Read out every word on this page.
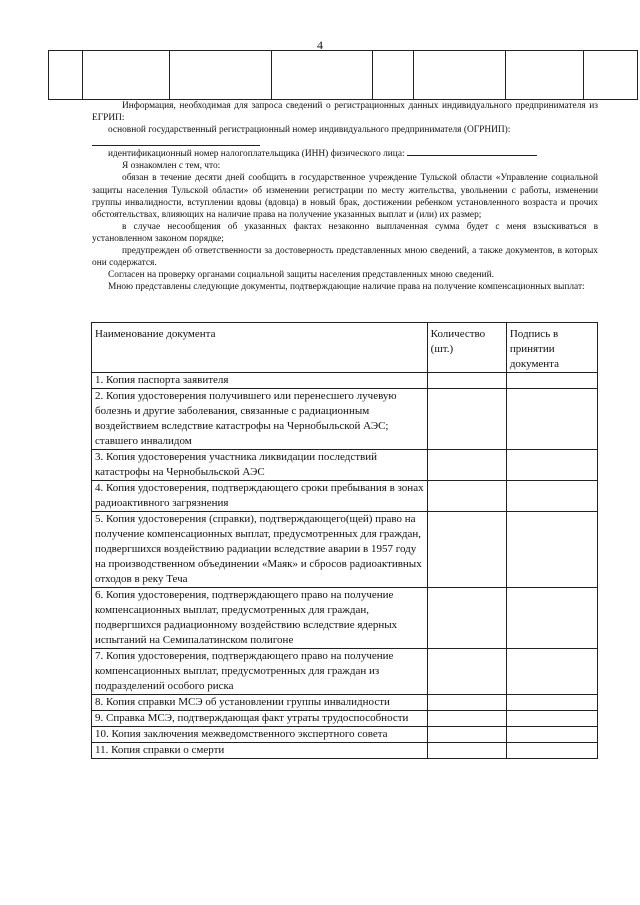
4

Информация, необходимая для запроса сведений о регистрационных данных индивидуального предпринимателя из ЕГРИП:

основной государственный регистрационный номер индивидуального предпринимателя (ОГРНИП):

идентификационный номер налогоплательщика (ИНН) физического лица:

Я ознакомлен с тем, что:

обязан в течение десяти дней сообщить в государственное учреждение Тульской области «Управление социальной защиты населения Тульской области» об изменении регистрации по месту жительства, увольнении с работы, изменении группы инвалидности, вступлении вдовы (вдовца) в новый брак, достижении ребенком установленного возраста и прочих обстоятельствах, влияющих на наличие права на получение указанных выплат и (или) их размер;

в случае несообщения об указанных фактах незаконно выплаченная сумма будет с меня взыскиваться в установленном законом порядке;

предупрежден об ответственности за достоверность представленных мною сведений, а также документов, в которых они содержатся.

Согласен на проверку органами социальной защиты населения представленных мною сведений.

Мною представлены следующие документы, подтверждающие наличие права на получение компенсационных выплат:

Наименование документа	Количество (шт.)	Подпись в принятии документа
1. Копия паспорта заявителя		
2. Копия удостоверения получившего или перенесшего лучевую болезнь и другие заболевания, связанные с радиационным воздействием вследствие катастрофы на Чернобыльской АЭС; ставшего инвалидом		
3. Копия удостоверения участника ликвидации последствий катастрофы на Чернобыльской АЭС		
4. Копия удостоверения, подтверждающего сроки пребывания в зонах радиоактивного загрязнения		
5. Копия удостоверения (справки), подтверждающего(щей) право на получение компенсационных выплат, предусмотренных для граждан, подвергшихся воздействию радиации вследствие аварии в 1957 году на производственном объединении «Маяк» и сбросов радиоактивных отходов в реку Теча		
6. Копия удостоверения, подтверждающего право на получение компенсационных выплат, предусмотренных для граждан, подвергшихся радиационному воздействию вследствие ядерных испытаний на Семипалатинском полигоне		
7. Копия удостоверения, подтверждающего право на получение компенсационных выплат, предусмотренных для граждан из подразделений особого риска		
8. Копия справки МСЭ об установлении группы инвалидности		
9. Справка МСЭ, подтверждающая факт утраты трудоспособности		
10. Копия заключения межведомственного экспертного совета		
11. Копия справки о смерти		
